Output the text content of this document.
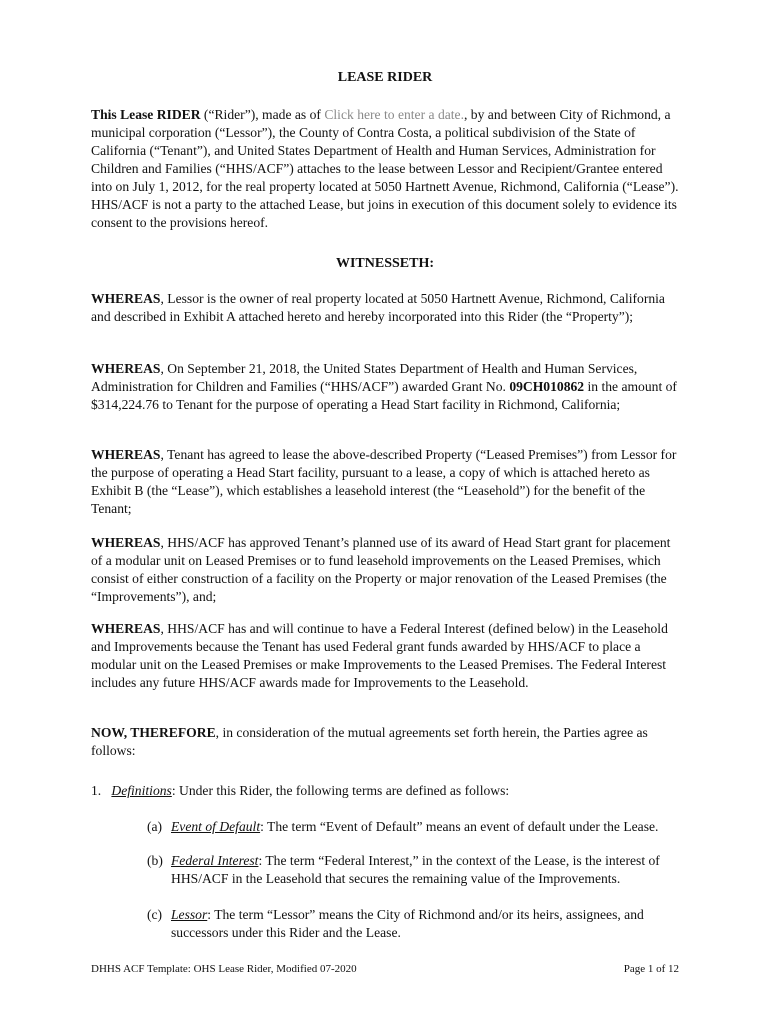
LEASE RIDER
This Lease RIDER (“Rider”), made as of Click here to enter a date., by and between City of Richmond, a municipal corporation (“Lessor”), the County of Contra Costa, a political subdivision of the State of California (“Tenant”), and United States Department of Health and Human Services, Administration for Children and Families (“HHS/ACF”) attaches to the lease between Lessor and Recipient/Grantee entered into on July 1, 2012, for the real property located at 5050 Hartnett Avenue, Richmond, California (“Lease”). HHS/ACF is not a party to the attached Lease, but joins in execution of this document solely to evidence its consent to the provisions hereof.
WITNESSETH:
WHEREAS, Lessor is the owner of real property located at 5050 Hartnett Avenue, Richmond, California and described in Exhibit A attached hereto and hereby incorporated into this Rider (the “Property”);
WHEREAS, On September 21, 2018, the United States Department of Health and Human Services, Administration for Children and Families (“HHS/ACF”) awarded Grant No. 09CH010862 in the amount of $314,224.76 to Tenant for the purpose of operating a Head Start facility in Richmond, California;
WHEREAS, Tenant has agreed to lease the above-described Property (“Leased Premises”) from Lessor for the purpose of operating a Head Start facility, pursuant to a lease, a copy of which is attached hereto as Exhibit B (the “Lease”), which establishes a leasehold interest (the “Leasehold”) for the benefit of the Tenant;
WHEREAS, HHS/ACF has approved Tenant’s planned use of its award of Head Start grant for placement of a modular unit on Leased Premises or to fund leasehold improvements on the Leased Premises, which consist of either construction of a facility on the Property or major renovation of the Leased Premises (the “Improvements”), and;
WHEREAS, HHS/ACF has and will continue to have a Federal Interest (defined below) in the Leasehold and Improvements because the Tenant has used Federal grant funds awarded by HHS/ACF to place a modular unit on the Leased Premises or make Improvements to the Leased Premises. The Federal Interest includes any future HHS/ACF awards made for Improvements to the Leasehold.
NOW, THEREFORE, in consideration of the mutual agreements set forth herein, the Parties agree as follows:
1. Definitions: Under this Rider, the following terms are defined as follows:
(a) Event of Default: The term “Event of Default” means an event of default under the Lease.
(b) Federal Interest: The term “Federal Interest,” in the context of the Lease, is the interest of HHS/ACF in the Leasehold that secures the remaining value of the Improvements.
(c) Lessor: The term “Lessor” means the City of Richmond and/or its heirs, assignees, and successors under this Rider and the Lease.
DHHS ACF Template: OHS Lease Rider, Modified 07-2020	Page 1 of 12
